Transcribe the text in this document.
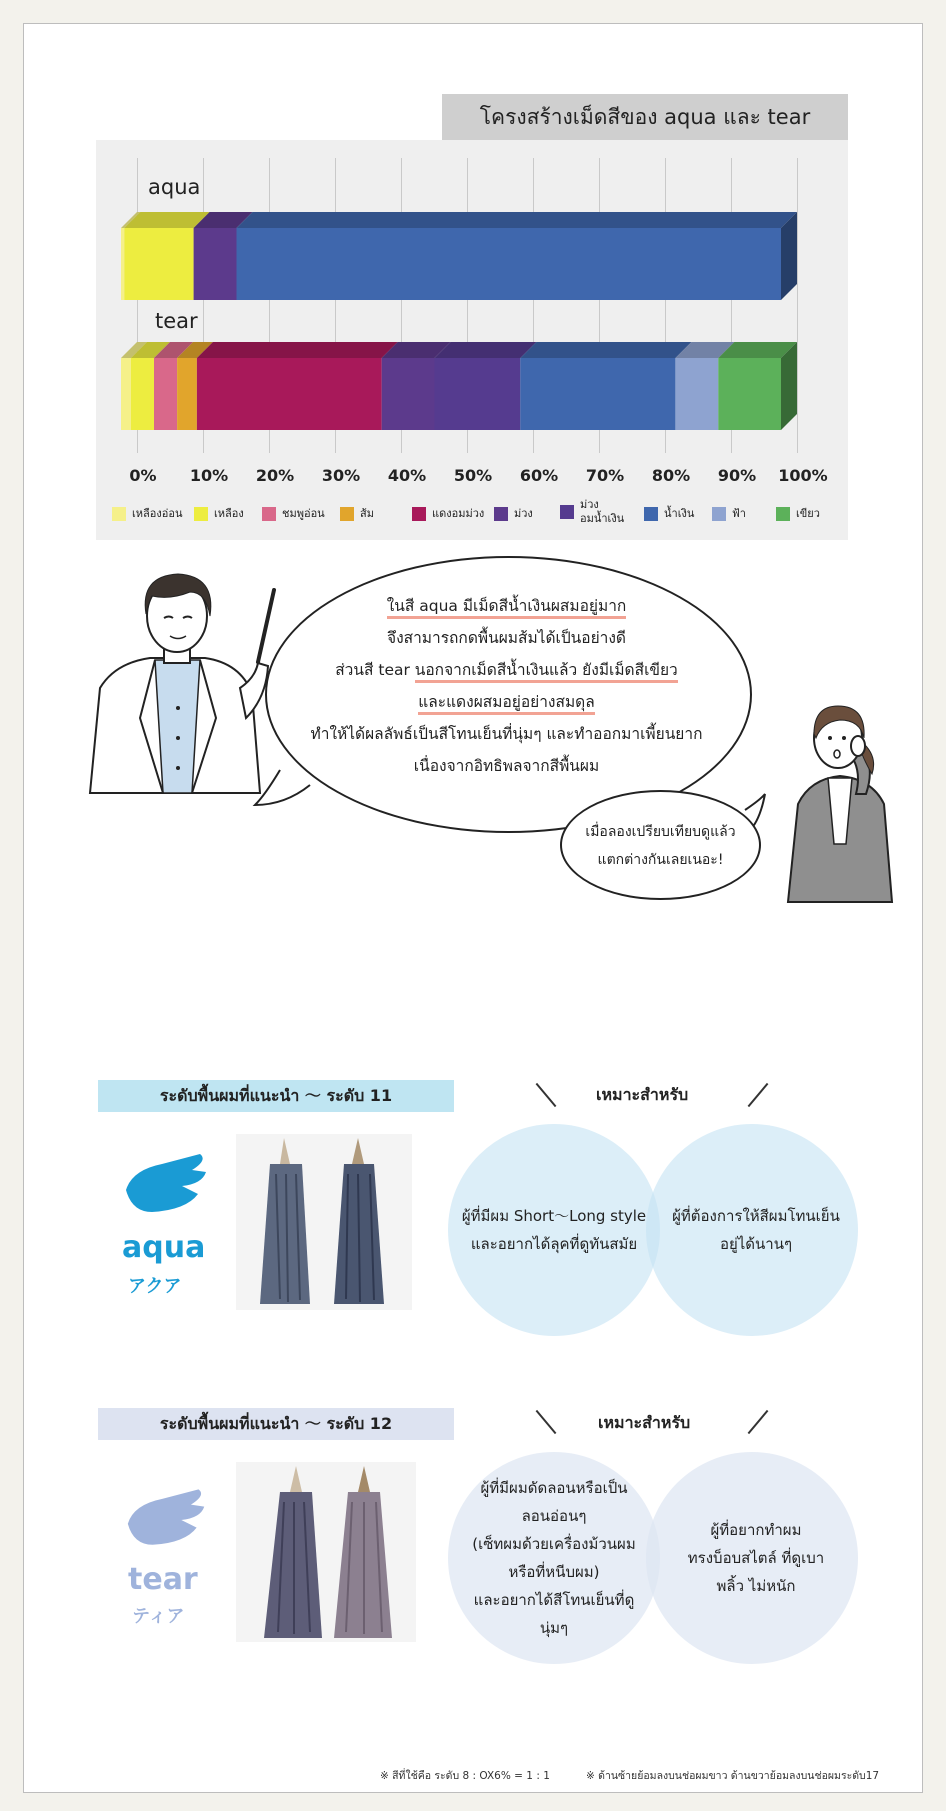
โครงสร้างเม็ดสีของ aqua และ tear
aqua
tear
0% 10% 20% 30% 40% 50% 60% 70% 80% 90% 100%
เหลืองอ่อน	เหลือง	ชมพูอ่อน	ส้ม	แดงอมม่วง	ม่วง
ม่วง
อมน้ำเงิน	น้ำเงิน	ฟ้า	เขียว
ในสี aqua มีเม็ดสีน้ำเงินผสมอยู่มาก
จึงสามารถกดพื้นผมส้มได้เป็นอย่างดี
ส่วนสี tear นอกจากเม็ดสีน้ำเงินแล้ว ยังมีเม็ดสีเขียว
และแดงผสมอยู่อย่างสมดุล
ทำให้ได้ผลลัพธ์เป็นสีโทนเย็นที่นุ่มๆ และทำออกมาเพี้ยนยาก
เนื่องจากอิทธิพลจากสีพื้นผม
เมื่อลองเปรียบเทียบดูแล้ว
แตกต่างกันเลยเนอะ!
ระดับพื้นผมที่แนะนำ ～ ระดับ 11	เหมาะสำหรับ
aqua
アクア
ผู้ที่มีผม Short～Long style
และอยากได้ลุคที่ดูทันสมัย
ผู้ที่ต้องการให้สีผมโทนเย็น
อยู่ได้นานๆ
ระดับพื้นผมที่แนะนำ ～ ระดับ 12	เหมาะสำหรับ
tear
ティア
ผู้ที่มีผมดัดลอนหรือเป็น
ลอนอ่อนๆ
(เซ็ทผมด้วยเครื่องม้วนผม
หรือที่หนีบผม)
และอยากได้สีโทนเย็นที่ดู
นุ่มๆ
ผู้ที่อยากทำผม
ทรงบ็อบสไตล์ ที่ดูเบา
พลิ้ว ไม่หนัก
※ สีที่ใช้คือ ระดับ 8 : OX6% = 1 : 1	※ ด้านซ้ายย้อมลงบนช่อผมขาว ด้านขวาย้อมลงบนช่อผมระดับ17
